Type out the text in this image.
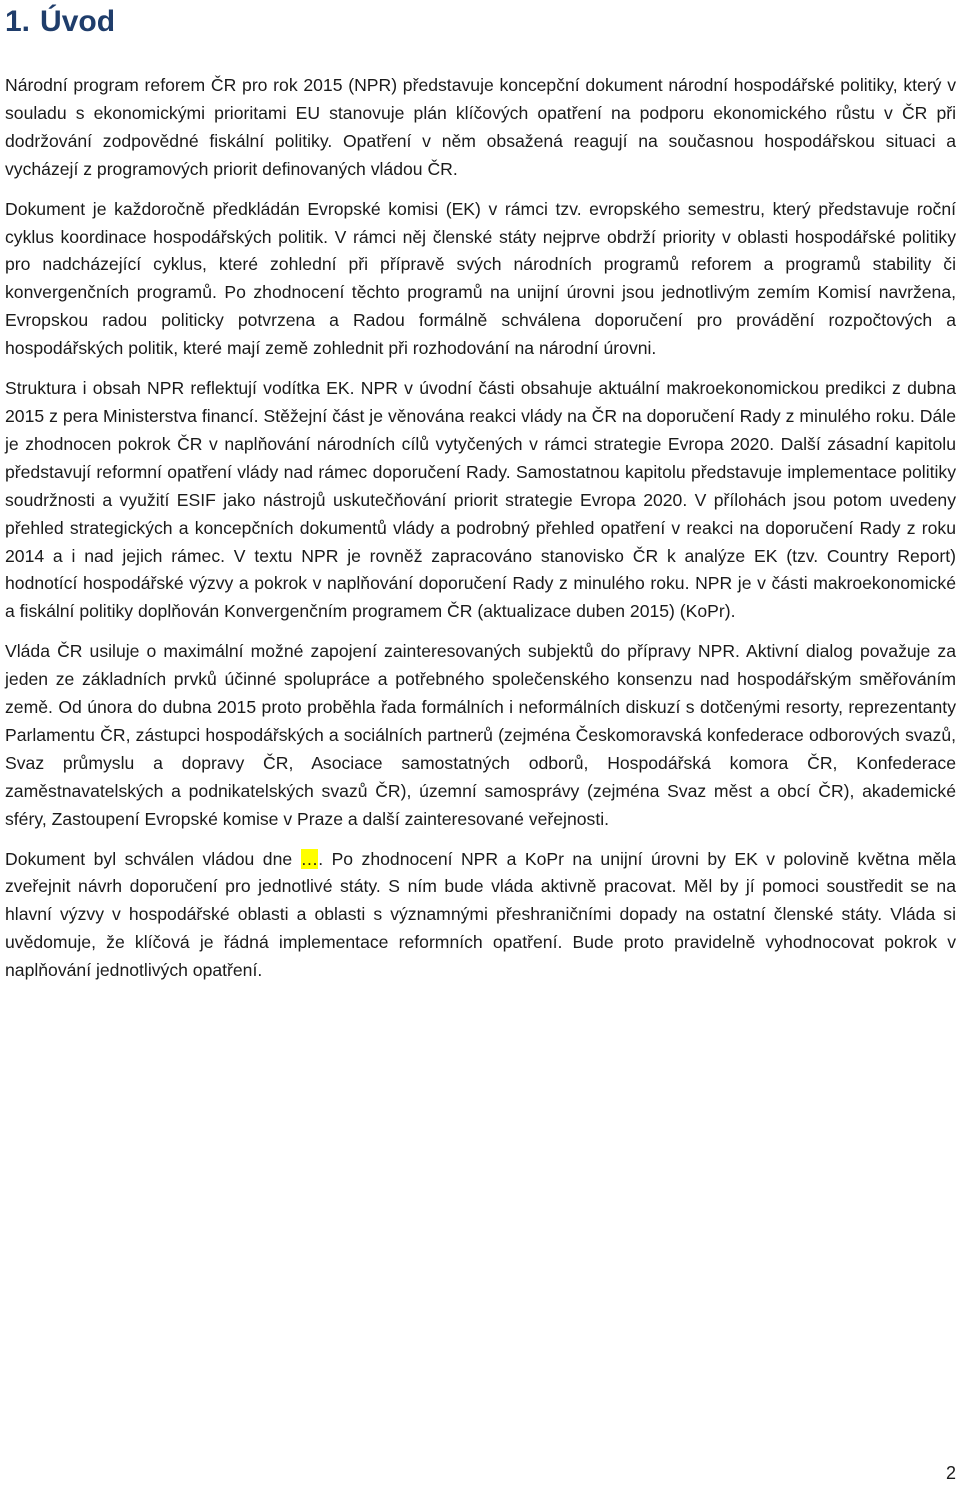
1. Úvod

Národní program reforem ČR pro rok 2015 (NPR) představuje koncepční dokument národní hospodářské politiky, který v souladu s ekonomickými prioritami EU stanovuje plán klíčových opatření na podporu ekonomického růstu v ČR při dodržování zodpovědné fiskální politiky. Opatření v něm obsažená reagují na současnou hospodářskou situaci a vycházejí z programových priorit definovaných vládou ČR.

Dokument je každoročně předkládán Evropské komisi (EK) v rámci tzv. evropského semestru, který představuje roční cyklus koordinace hospodářských politik. V rámci něj členské státy nejprve obdrží priority v oblasti hospodářské politiky pro nadcházející cyklus, které zohlední při přípravě svých národních programů reforem a programů stability či konvergenčních programů. Po zhodnocení těchto programů na unijní úrovni jsou jednotlivým zemím Komisí navržena, Evropskou radou politicky potvrzena a Radou formálně schválena doporučení pro provádění rozpočtových a hospodářských politik, které mají země zohlednit při rozhodování na národní úrovni.

Struktura i obsah NPR reflektují vodítka EK. NPR v úvodní části obsahuje aktuální makroekonomickou predikci z dubna 2015 z pera Ministerstva financí. Stěžejní část je věnována reakci vlády na ČR na doporučení Rady z minulého roku. Dále je zhodnocen pokrok ČR v naplňování národních cílů vytyčených v rámci strategie Evropa 2020. Další zásadní kapitolu představují reformní opatření vlády nad rámec doporučení Rady. Samostatnou kapitolu představuje implementace politiky soudržnosti a využití ESIF jako nástrojů uskutečňování priorit strategie Evropa 2020. V přílohách jsou potom uvedeny přehled strategických a koncepčních dokumentů vlády a podrobný přehled opatření v reakci na doporučení Rady z roku 2014 a i nad jejich rámec. V textu NPR je rovněž zapracováno stanovisko ČR k analýze EK (tzv. Country Report) hodnotící hospodářské výzvy a pokrok v naplňování doporučení Rady z minulého roku. NPR je v části makroekonomické a fiskální politiky doplňován Konvergenčním programem ČR (aktualizace duben 2015) (KoPr).

Vláda ČR usiluje o maximální možné zapojení zainteresovaných subjektů do přípravy NPR. Aktivní dialog považuje za jeden ze základních prvků účinné spolupráce a potřebného společenského konsenzu nad hospodářským směřováním země. Od února do dubna 2015 proto proběhla řada formálních i neformálních diskuzí s dotčenými resorty, reprezentanty Parlamentu ČR, zástupci hospodářských a sociálních partnerů (zejména Českomoravská konfederace odborových svazů, Svaz průmyslu a dopravy ČR, Asociace samostatných odborů, Hospodářská komora ČR, Konfederace zaměstnavatelských a podnikatelských svazů ČR), územní samosprávy (zejména Svaz měst a obcí ČR), akademické sféry, Zastoupení Evropské komise v Praze a další zainteresované veřejnosti.

Dokument byl schválen vládou dne …. Po zhodnocení NPR a KoPr na unijní úrovni by EK v polovině května měla zveřejnit návrh doporučení pro jednotlivé státy. S ním bude vláda aktivně pracovat. Měl by jí pomoci soustředit se na hlavní výzvy v hospodářské oblasti a oblasti s významnými přeshraničními dopady na ostatní členské státy. Vláda si uvědomuje, že klíčová je řádná implementace reformních opatření. Bude proto pravidelně vyhodnocovat pokrok v naplňování jednotlivých opatření.

2
